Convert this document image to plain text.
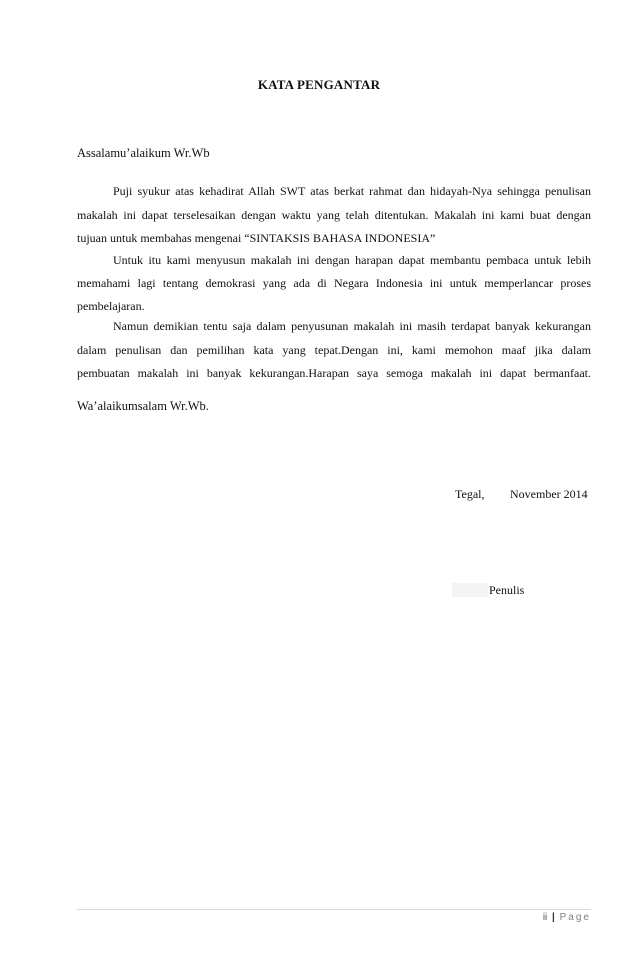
KATA PENGANTAR
Assalamu’alaikum Wr.Wb
Puji syukur atas kehadirat Allah SWT atas berkat rahmat dan hidayah-Nya sehingga penulisan
makalah ini dapat terselesaikan dengan waktu yang telah ditentukan. Makalah ini kami buat dengan
tujuan untuk membahas mengenai “SINTAKSIS BAHASA INDONESIA”
Untuk itu kami menyusun makalah ini dengan harapan dapat membantu pembaca untuk lebih
memahami lagi tentang demokrasi yang ada di Negara Indonesia ini untuk memperlancar proses
pembelajaran.
Namun demikian tentu saja dalam penyusunan makalah ini masih terdapat banyak kekurangan
dalam penulisan dan pemilihan kata yang tepat.Dengan ini, kami memohon maaf jika dalam
pembuatan makalah ini banyak kekurangan.Harapan saya semoga makalah ini dapat bermanfaat.
Wa’alaikumsalam Wr.Wb.
Tegal, November 2014
Penulis
ii | Page
